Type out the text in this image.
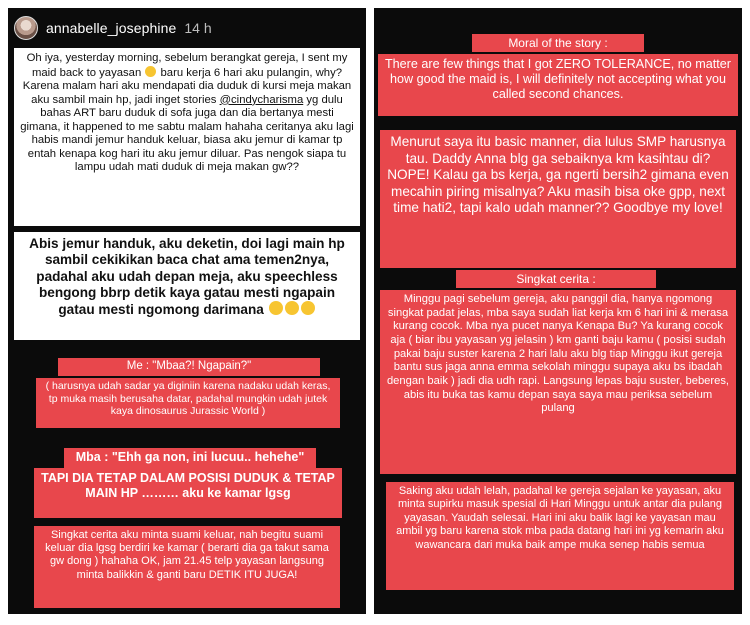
annabelle_josephine 14 h
Oh iya, yesterday morning, sebelum berangkat gereja, I sent my maid back to yayasan baru kerja 6 hari aku pulangin, why? Karena malam hari aku mendapati dia duduk di kursi meja makan aku sambil main hp, jadi inget stories @cindycharisma yg dulu bahas ART baru duduk di sofa juga dan dia bertanya mesti gimana, it happened to me sabtu malam hahaha ceritanya aku lagi habis mandi jemur handuk keluar, biasa aku jemur di kamar tp entah kenapa kog hari itu aku jemur diluar. Pas nengok siapa tu lampu udah mati duduk di meja makan gw??
Abis jemur handuk, aku deketin, doi lagi main hp sambil cekikikan baca chat ama temen2nya, padahal aku udah depan meja, aku speechless bengong bbrp detik kaya gatau mesti ngapain gatau mesti ngomong darimana
Me : "Mbaa?! Ngapain?"
( harusnya udah sadar ya diginiin karena nadaku udah keras, tp muka masih berusaha datar, padahal mungkin udah jutek kaya dinosaurus Jurassic World )
Mba : "Ehh ga non, ini lucuu.. hehehe"
TAPI DIA TETAP DALAM POSISI DUDUK & TETAP MAIN HP ……… aku ke kamar lgsg
Singkat cerita aku minta suami keluar, nah begitu suami keluar dia lgsg berdiri ke kamar ( berarti dia ga takut sama gw dong ) hahaha OK, jam 21.45 telp yayasan langsung minta balikkin & ganti baru DETIK ITU JUGA!
Moral of the story :
There are few things that I got ZERO TOLERANCE, no matter how good the maid is, I will definitely not accepting what you called second chances.
Menurut saya itu basic manner, dia lulus SMP harusnya tau. Daddy Anna blg ga sebaiknya km kasihtau di? NOPE! Kalau ga bs kerja, ga ngerti bersih2 gimana even mecahin piring misalnya? Aku masih bisa oke gpp, next time hati2, tapi kalo udah manner?? Goodbye my love!
Singkat cerita :
Minggu pagi sebelum gereja, aku panggil dia, hanya ngomong singkat padat jelas, mba saya sudah liat kerja km 6 hari ini & merasa kurang cocok. Mba nya pucet nanya Kenapa Bu? Ya kurang cocok aja ( biar ibu yayasan yg jelasin ) km ganti baju kamu ( posisi sudah pakai baju suster karena 2 hari lalu aku blg tiap Minggu ikut gereja bantu sus jaga anna emma sekolah minggu supaya aku bs ibadah dengan baik ) jadi dia udh rapi. Langsung lepas baju suster, beberes, abis itu buka tas kamu depan saya saya mau periksa sebelum pulang
Saking aku udah lelah, padahal ke gereja sejalan ke yayasan, aku minta supirku masuk spesial di Hari Minggu untuk antar dia pulang yayasan. Yaudah selesai. Hari ini aku balik lagi ke yayasan mau ambil yg baru karena stok mba pada datang hari ini yg kemarin aku wawancara dari muka baik ampe muka senep habis semua
